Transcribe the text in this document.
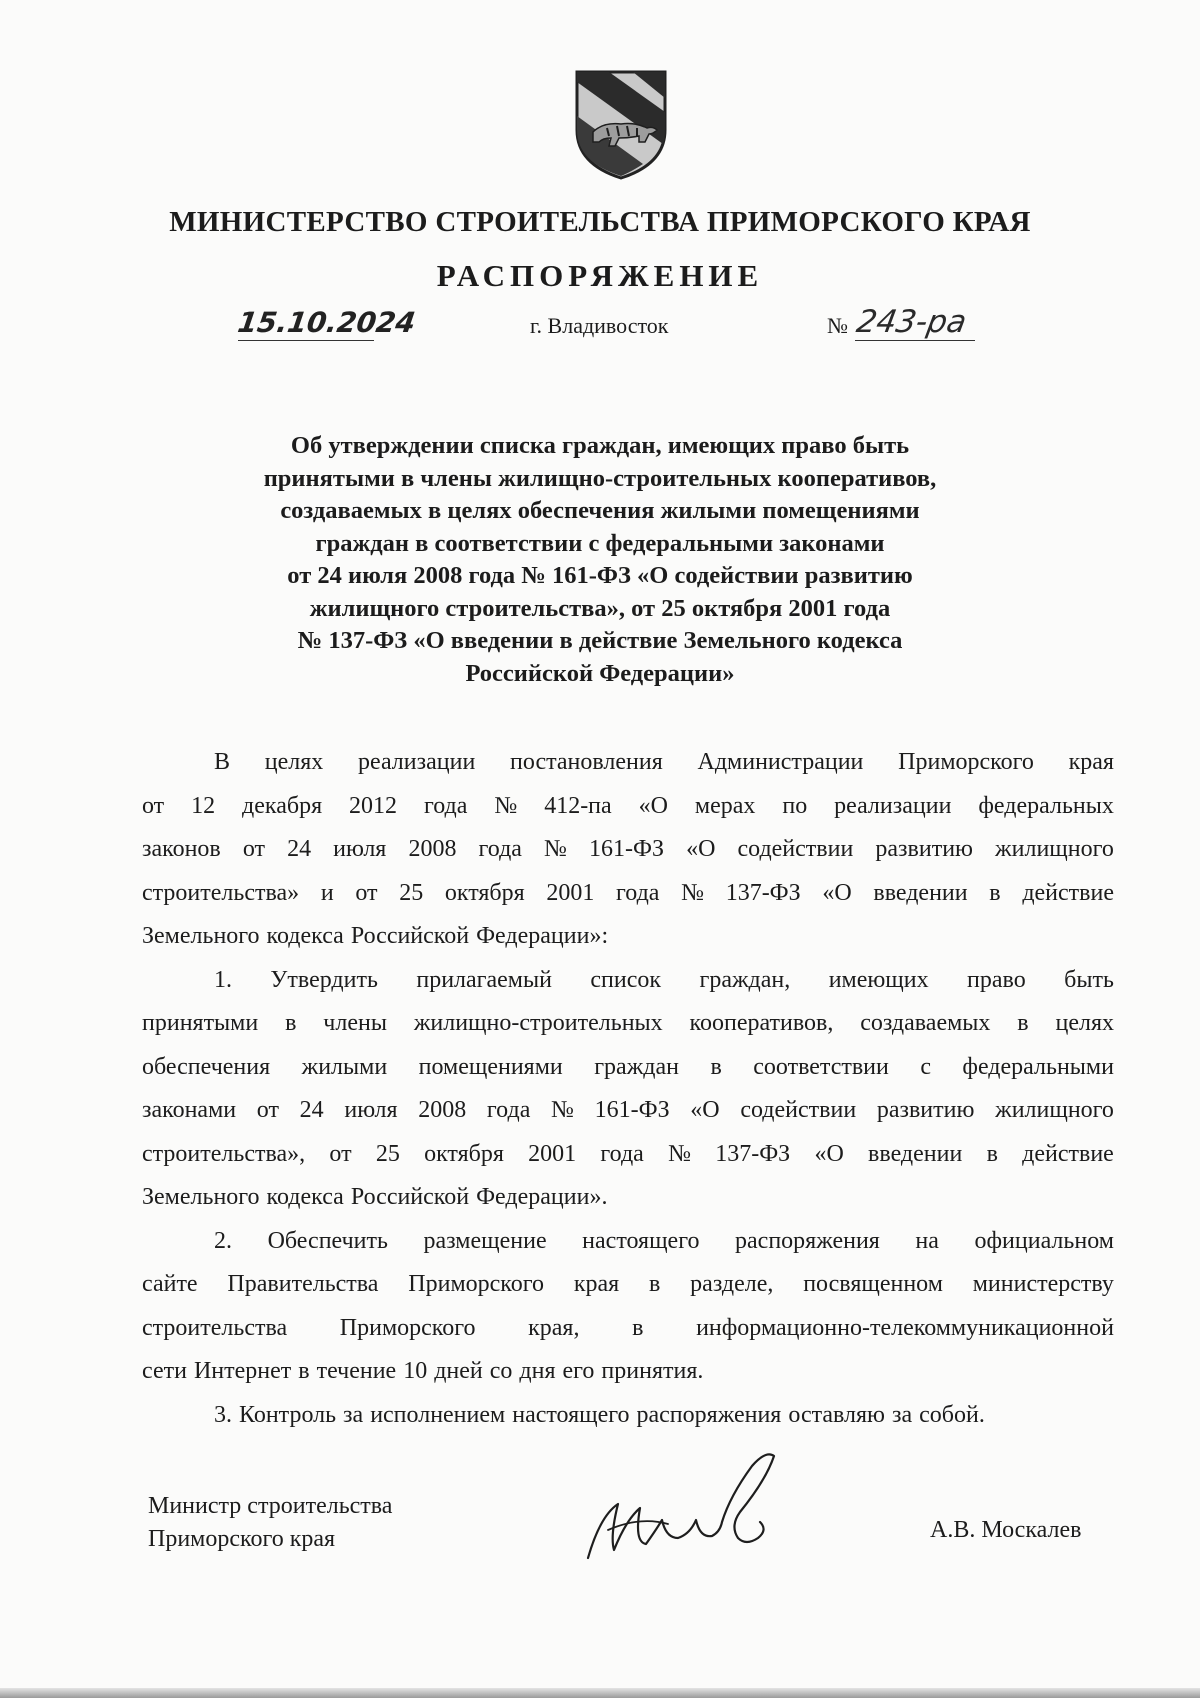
МИНИСТЕРСТВО СТРОИТЕЛЬСТВА ПРИМОРСКОГО КРАЯ
РАСПОРЯЖЕНИЕ
15.10.2024	г. Владивосток	№ 243-ра
Об утверждении списка граждан, имеющих право быть
принятыми в члены жилищно-строительных кооперативов,
создаваемых в целях обеспечения жилыми помещениями
граждан в соответствии с федеральными законами
от 24 июля 2008 года № 161-ФЗ «О содействии развитию
жилищного строительства», от 25 октября 2001 года
№ 137-ФЗ «О введении в действие Земельного кодекса
Российской Федерации»
В целях реализации постановления Администрации Приморского края
от 12 декабря 2012 года № 412-па «О мерах по реализации федеральных
законов от 24 июля 2008 года № 161-ФЗ «О содействии развитию жилищного
строительства» и от 25 октября 2001 года № 137-ФЗ «О введении в действие
Земельного кодекса Российской Федерации»:
1. Утвердить прилагаемый список граждан, имеющих право быть
принятыми в члены жилищно-строительных кооперативов, создаваемых в целях
обеспечения жилыми помещениями граждан в соответствии с федеральными
законами от 24 июля 2008 года № 161-ФЗ «О содействии развитию жилищного
строительства», от 25 октября 2001 года № 137-ФЗ «О введении в действие
Земельного кодекса Российской Федерации».
2. Обеспечить размещение настоящего распоряжения на официальном
сайте Правительства Приморского края в разделе, посвященном министерству
строительства Приморского края, в информационно-телекоммуникационной
сети Интернет в течение 10 дней со дня его принятия.
3. Контроль за исполнением настоящего распоряжения оставляю за собой.
Министр строительства
Приморского края	А.В. Москалев
